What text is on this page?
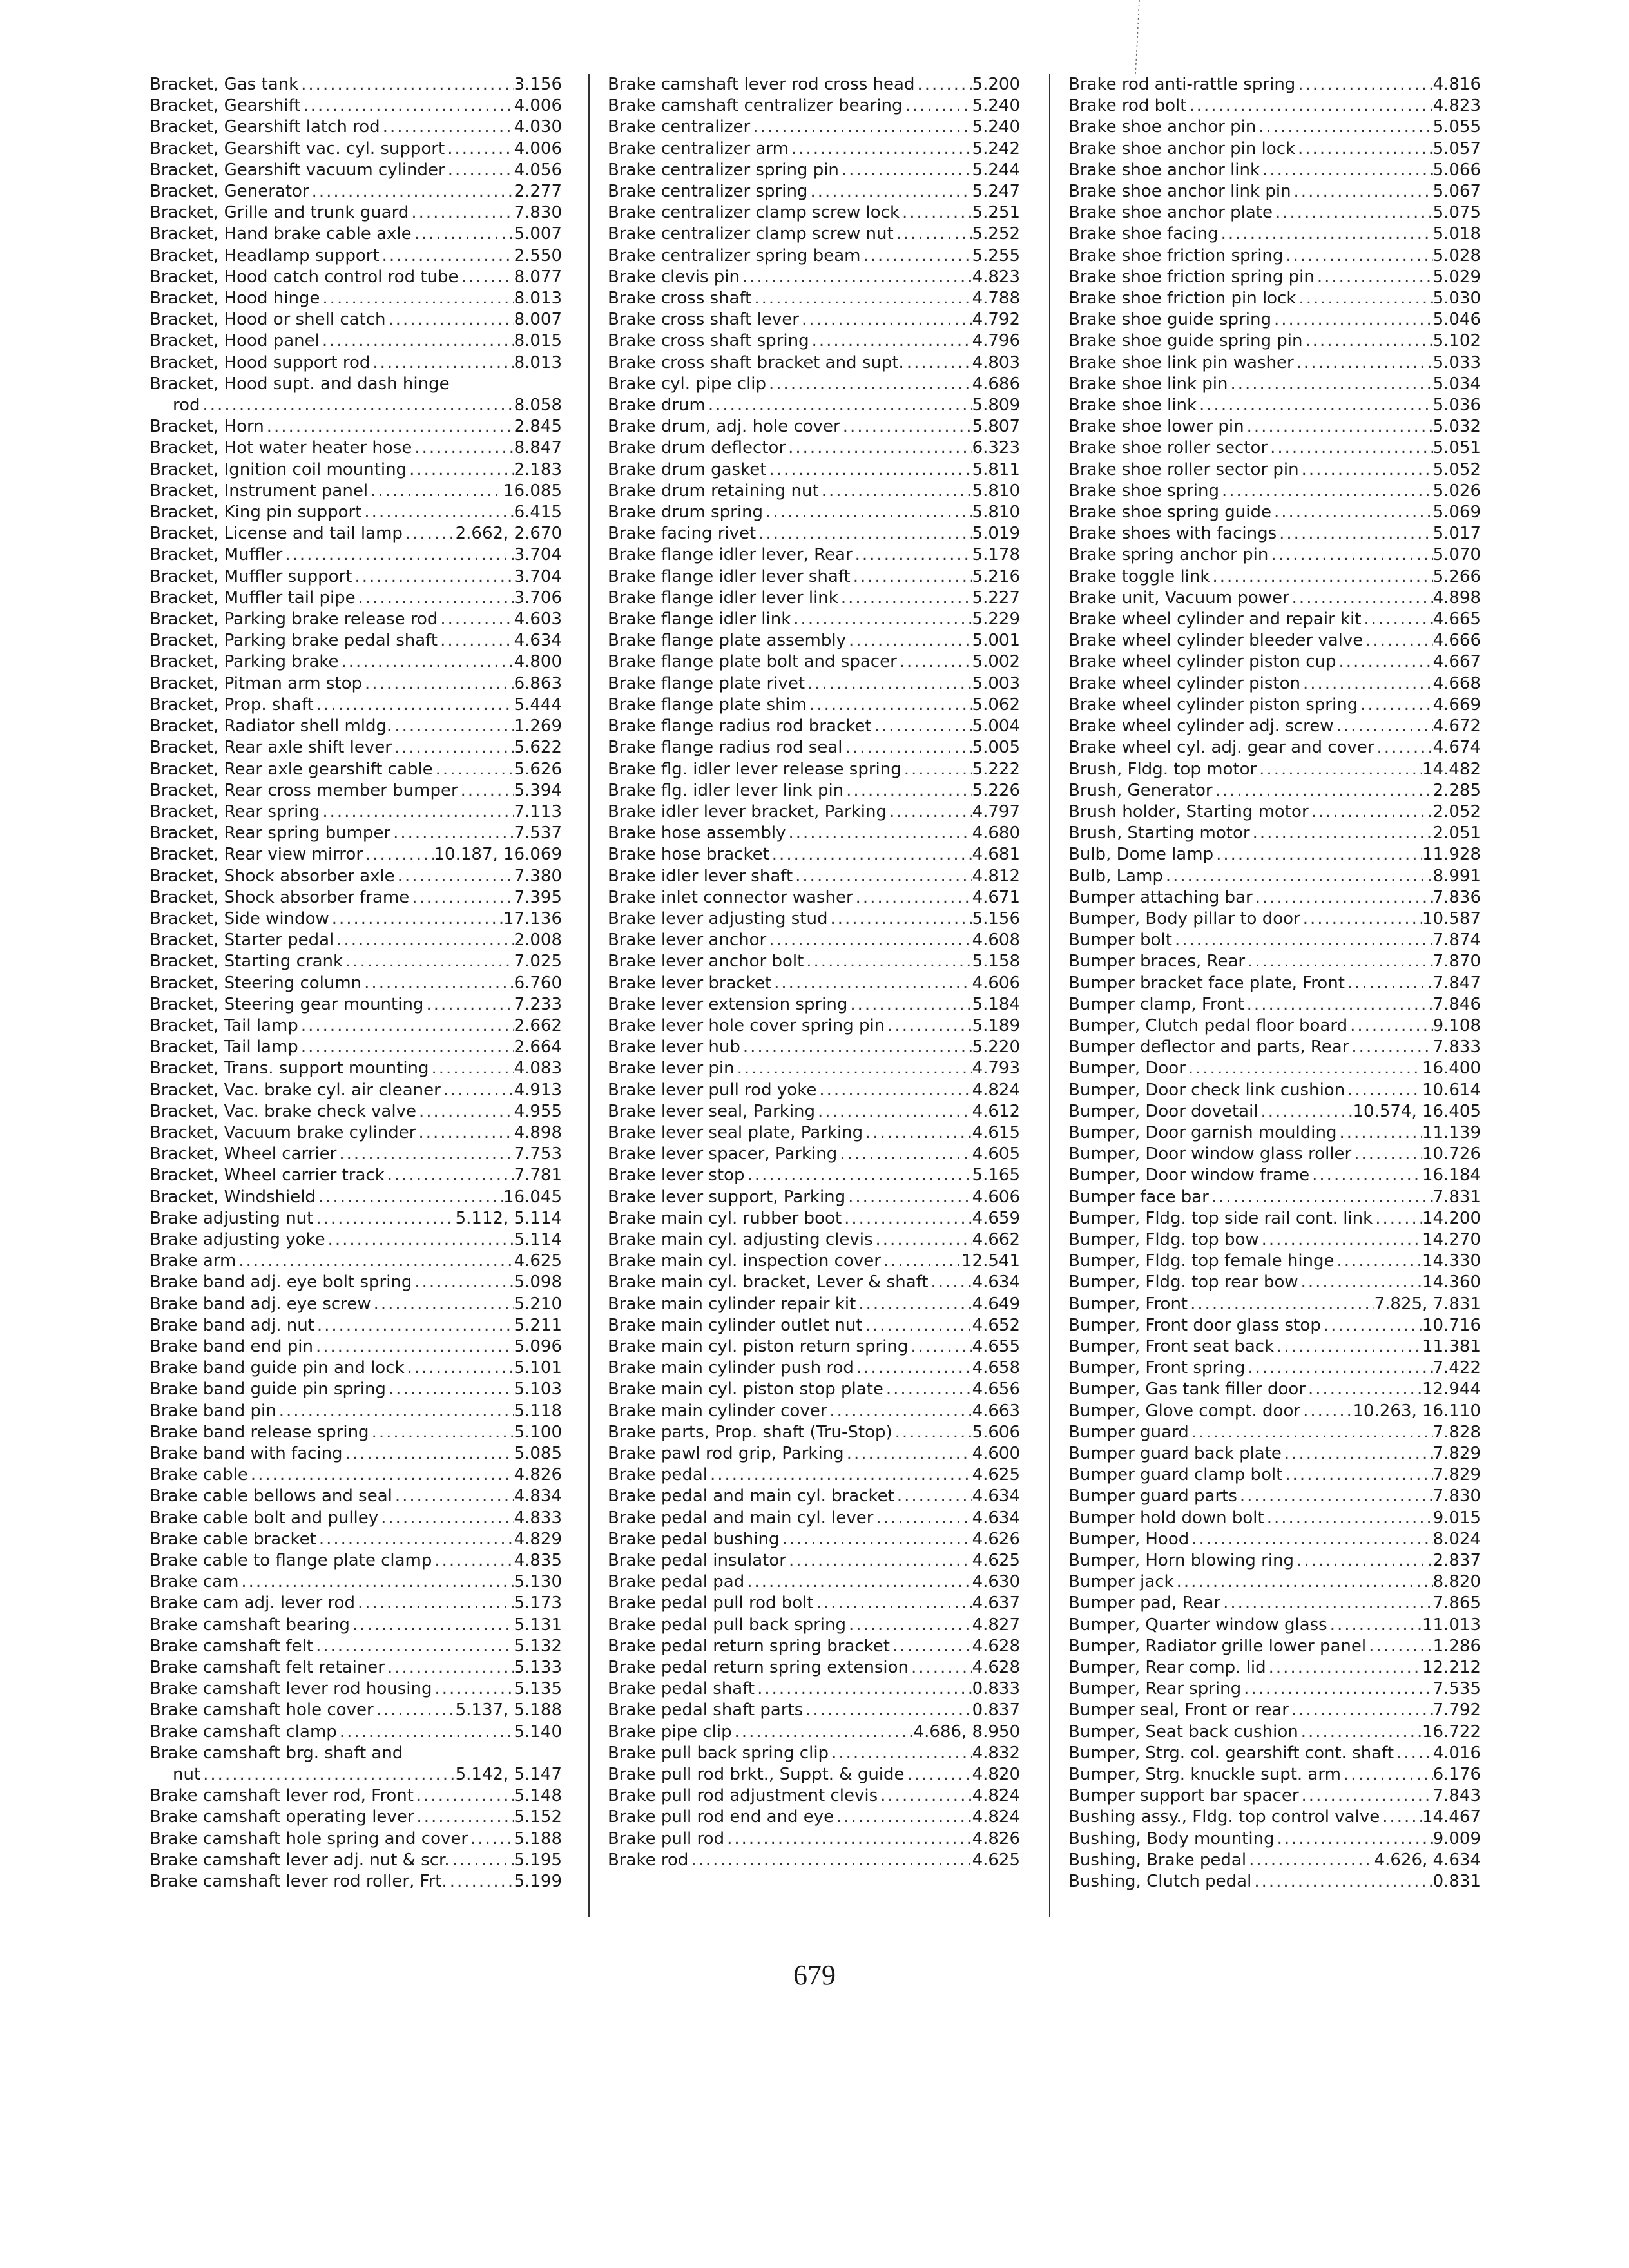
Bracket, Gas tank .....	3.156
Bracket, Gearshift .....	4.006
Bracket, Gearshift latch rod .....	4.030
Bracket, Gearshift vac. cyl. support .....	4.006
Bracket, Gearshift vacuum cylinder .....	4.056
Bracket, Generator .....	2.277
Bracket, Grille and trunk guard .....	7.830
Bracket, Hand brake cable axle .....	5.007
Bracket, Headlamp support .....	2.550
Bracket, Hood catch control rod tube .....	8.077
Bracket, Hood hinge .....	8.013
Bracket, Hood or shell catch .....	8.007
Bracket, Hood panel .....	8.015
Bracket, Hood support rod .....	8.013
Bracket, Hood supt. and dash hinge
rod .....	8.058
Bracket, Horn .....	2.845
Bracket, Hot water heater hose .....	8.847
Bracket, Ignition coil mounting .....	2.183
Bracket, Instrument panel .....	16.085
Bracket, King pin support .....	6.415
Bracket, License and tail lamp .....	2.662, 2.670
Bracket, Muffler .....	3.704
Bracket, Muffler support .....	3.704
Bracket, Muffler tail pipe .....	3.706
Bracket, Parking brake release rod .....	4.603
Bracket, Parking brake pedal shaft .....	4.634
Bracket, Parking brake .....	4.800
Bracket, Pitman arm stop .....	6.863
Bracket, Prop. shaft .....	5.444
Bracket, Radiator shell mldg. .....	1.269
Bracket, Rear axle shift lever .....	5.622
Bracket, Rear axle gearshift cable .....	5.626
Bracket, Rear cross member bumper .....	5.394
Bracket, Rear spring .....	7.113
Bracket, Rear spring bumper .....	7.537
Bracket, Rear view mirror .....	10.187, 16.069
Bracket, Shock absorber axle .....	7.380
Bracket, Shock absorber frame .....	7.395
Bracket, Side window .....	17.136
Bracket, Starter pedal .....	2.008
Bracket, Starting crank .....	7.025
Bracket, Steering column .....	6.760
Bracket, Steering gear mounting .....	7.233
Bracket, Tail lamp .....	2.662
Bracket, Tail lamp .....	2.664
Bracket, Trans. support mounting .....	4.083
Bracket, Vac. brake cyl. air cleaner .....	4.913
Bracket, Vac. brake check valve .....	4.955
Bracket, Vacuum brake cylinder .....	4.898
Bracket, Wheel carrier .....	7.753
Bracket, Wheel carrier track .....	7.781
Bracket, Windshield .....	16.045
Brake adjusting nut .....	5.112, 5.114
Brake adjusting yoke .....	5.114
Brake arm .....	4.625
Brake band adj. eye bolt spring .....	5.098
Brake band adj. eye screw .....	5.210
Brake band adj. nut .....	5.211
Brake band end pin .....	5.096
Brake band guide pin and lock .....	5.101
Brake band guide pin spring .....	5.103
Brake band pin .....	5.118
Brake band release spring .....	5.100
Brake band with facing .....	5.085
Brake cable .....	4.826
Brake cable bellows and seal .....	4.834
Brake cable bolt and pulley .....	4.833
Brake cable bracket .....	4.829
Brake cable to flange plate clamp .....	4.835
Brake cam .....	5.130
Brake cam adj. lever rod .....	5.173
Brake camshaft bearing .....	5.131
Brake camshaft felt .....	5.132
Brake camshaft felt retainer .....	5.133
Brake camshaft lever rod housing .....	5.135
Brake camshaft hole cover .....	5.137, 5.188
Brake camshaft clamp .....	5.140
Brake camshaft brg. shaft and
nut .....	5.142, 5.147
Brake camshaft lever rod, Front .....	5.148
Brake camshaft operating lever .....	5.152
Brake camshaft hole spring and cover .....	5.188
Brake camshaft lever adj. nut & scr. .....	5.195
Brake camshaft lever rod roller, Frt. .....	5.199
Brake camshaft lever rod cross head .....	5.200
Brake camshaft centralizer bearing .....	5.240
Brake centralizer .....	5.240
Brake centralizer arm .....	5.242
Brake centralizer spring pin .....	5.244
Brake centralizer spring .....	5.247
Brake centralizer clamp screw lock .....	5.251
Brake centralizer clamp screw nut .....	5.252
Brake centralizer spring beam .....	5.255
Brake clevis pin .....	4.823
Brake cross shaft .....	4.788
Brake cross shaft lever .....	4.792
Brake cross shaft spring .....	4.796
Brake cross shaft bracket and supt. .....	4.803
Brake cyl. pipe clip .....	4.686
Brake drum .....	5.809
Brake drum, adj. hole cover .....	5.807
Brake drum deflector .....	6.323
Brake drum gasket .....	5.811
Brake drum retaining nut .....	5.810
Brake drum spring .....	5.810
Brake facing rivet .....	5.019
Brake flange idler lever, Rear .....	5.178
Brake flange idler lever shaft .....	5.216
Brake flange idler lever link .....	5.227
Brake flange idler link .....	5.229
Brake flange plate assembly .....	5.001
Brake flange plate bolt and spacer .....	5.002
Brake flange plate rivet .....	5.003
Brake flange plate shim .....	5.062
Brake flange radius rod bracket .....	5.004
Brake flange radius rod seal .....	5.005
Brake flg. idler lever release spring .....	5.222
Brake flg. idler lever link pin .....	5.226
Brake idler lever bracket, Parking .....	4.797
Brake hose assembly .....	4.680
Brake hose bracket .....	4.681
Brake idler lever shaft .....	4.812
Brake inlet connector washer .....	4.671
Brake lever adjusting stud .....	5.156
Brake lever anchor .....	4.608
Brake lever anchor bolt .....	5.158
Brake lever bracket .....	4.606
Brake lever extension spring .....	5.184
Brake lever hole cover spring pin .....	5.189
Brake lever hub .....	5.220
Brake lever pin .....	4.793
Brake lever pull rod yoke .....	4.824
Brake lever seal, Parking .....	4.612
Brake lever seal plate, Parking .....	4.615
Brake lever spacer, Parking .....	4.605
Brake lever stop .....	5.165
Brake lever support, Parking .....	4.606
Brake main cyl. rubber boot .....	4.659
Brake main cyl. adjusting clevis .....	4.662
Brake main cyl. inspection cover .....	12.541
Brake main cyl. bracket, Lever & shaft .....	4.634
Brake main cylinder repair kit .....	4.649
Brake main cylinder outlet nut .....	4.652
Brake main cyl. piston return spring .....	4.655
Brake main cylinder push rod .....	4.658
Brake main cyl. piston stop plate .....	4.656
Brake main cylinder cover .....	4.663
Brake parts, Prop. shaft (Tru-Stop) .....	5.606
Brake pawl rod grip, Parking .....	4.600
Brake pedal .....	4.625
Brake pedal and main cyl. bracket .....	4.634
Brake pedal and main cyl. lever .....	4.634
Brake pedal bushing .....	4.626
Brake pedal insulator .....	4.625
Brake pedal pad .....	4.630
Brake pedal pull rod bolt .....	4.637
Brake pedal pull back spring .....	4.827
Brake pedal return spring bracket .....	4.628
Brake pedal return spring extension .....	4.628
Brake pedal shaft .....	0.833
Brake pedal shaft parts .....	0.837
Brake pipe clip .....	4.686, 8.950
Brake pull back spring clip .....	4.832
Brake pull rod brkt., Suppt. & guide .....	4.820
Brake pull rod adjustment clevis .....	4.824
Brake pull rod end and eye .....	4.824
Brake pull rod .....	4.826
Brake rod .....	4.625
Brake rod anti-rattle spring .....	4.816
Brake rod bolt .....	4.823
Brake shoe anchor pin .....	5.055
Brake shoe anchor pin lock .....	5.057
Brake shoe anchor link .....	5.066
Brake shoe anchor link pin .....	5.067
Brake shoe anchor plate .....	5.075
Brake shoe facing .....	5.018
Brake shoe friction spring .....	5.028
Brake shoe friction spring pin .....	5.029
Brake shoe friction pin lock .....	5.030
Brake shoe guide spring .....	5.046
Brake shoe guide spring pin .....	5.102
Brake shoe link pin washer .....	5.033
Brake shoe link pin .....	5.034
Brake shoe link .....	5.036
Brake shoe lower pin .....	5.032
Brake shoe roller sector .....	5.051
Brake shoe roller sector pin .....	5.052
Brake shoe spring .....	5.026
Brake shoe spring guide .....	5.069
Brake shoes with facings .....	5.017
Brake spring anchor pin .....	5.070
Brake toggle link .....	5.266
Brake unit, Vacuum power .....	4.898
Brake wheel cylinder and repair kit .....	4.665
Brake wheel cylinder bleeder valve .....	4.666
Brake wheel cylinder piston cup .....	4.667
Brake wheel cylinder piston .....	4.668
Brake wheel cylinder piston spring .....	4.669
Brake wheel cylinder adj. screw .....	4.672
Brake wheel cyl. adj. gear and cover .....	4.674
Brush, Fldg. top motor .....	14.482
Brush, Generator .....	2.285
Brush holder, Starting motor .....	2.052
Brush, Starting motor .....	2.051
Bulb, Dome lamp .....	11.928
Bulb, Lamp .....	8.991
Bumper attaching bar .....	7.836
Bumper, Body pillar to door .....	10.587
Bumper bolt .....	7.874
Bumper braces, Rear .....	7.870
Bumper bracket face plate, Front .....	7.847
Bumper clamp, Front .....	7.846
Bumper, Clutch pedal floor board .....	9.108
Bumper deflector and parts, Rear .....	7.833
Bumper, Door .....	16.400
Bumper, Door check link cushion .....	10.614
Bumper, Door dovetail .....	10.574, 16.405
Bumper, Door garnish moulding .....	11.139
Bumper, Door window glass roller .....	10.726
Bumper, Door window frame .....	16.184
Bumper face bar .....	7.831
Bumper, Fldg. top side rail cont. link .....	14.200
Bumper, Fldg. top bow .....	14.270
Bumper, Fldg. top female hinge .....	14.330
Bumper, Fldg. top rear bow .....	14.360
Bumper, Front .....	7.825, 7.831
Bumper, Front door glass stop .....	10.716
Bumper, Front seat back .....	11.381
Bumper, Front spring .....	7.422
Bumper, Gas tank filler door .....	12.944
Bumper, Glove compt. door .....	10.263, 16.110
Bumper guard .....	7.828
Bumper guard back plate .....	7.829
Bumper guard clamp bolt .....	7.829
Bumper guard parts .....	7.830
Bumper hold down bolt .....	9.015
Bumper, Hood .....	8.024
Bumper, Horn blowing ring .....	2.837
Bumper jack .....	8.820
Bumper pad, Rear .....	7.865
Bumper, Quarter window glass .....	11.013
Bumper, Radiator grille lower panel .....	1.286
Bumper, Rear comp. lid .....	12.212
Bumper, Rear spring .....	7.535
Bumper seal, Front or rear .....	7.792
Bumper, Seat back cushion .....	16.722
Bumper, Strg. col. gearshift cont. shaft ..... 4.016
Bumper, Strg. knuckle supt. arm .....	6.176
Bumper support bar spacer .....	7.843
Bushing assy., Fldg. top control valve .....	14.467
Bushing, Body mounting .....	9.009
Bushing, Brake pedal .....	4.626, 4.634
Bushing, Clutch pedal .....	0.831
679
